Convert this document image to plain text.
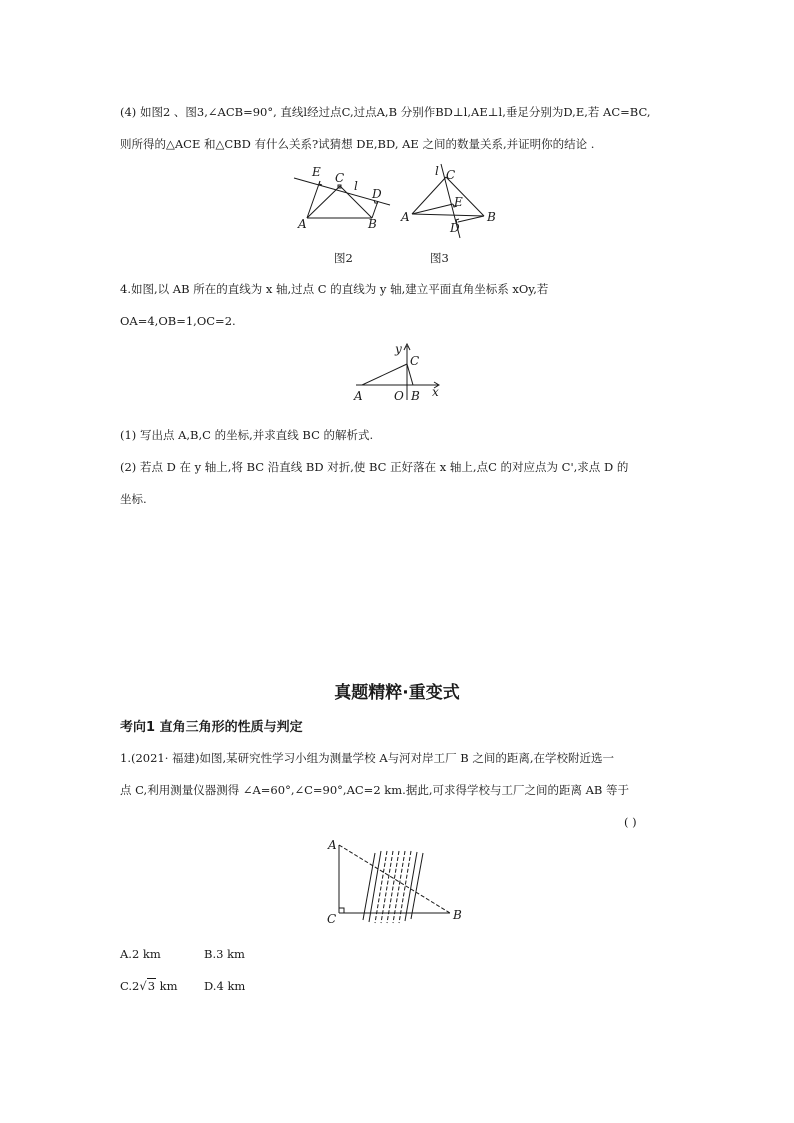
(4) 如图2 、图3,∠ACB=90°, 直线l经过点C,过点A,B 分别作BD⊥l,AE⊥l,垂足分别为D,E,若 AC=BC,
则所得的△ACE 和△CBD 有什么关系?试猜想 DE,BD, AE 之间的数量关系,并证明你的结论 .
E C
l
D
A	B
图2
l C
E
A	B
D
图3
4.如图,以 AB 所在的直线为 x 轴,过点 C 的直线为 y 轴,建立平面直角坐标系 xOy,若
OA=4,OB=1,OC=2.
y
C
A	O B x
(1) 写出点 A,B,C 的坐标,并求直线 BC 的解析式.
(2) 若点 D 在 y 轴上,将 BC 沿直线 BD 对折,使 BC 正好落在 x 轴上,点C 的对应点为 C',求点 D 的
坐标.
真题精粹·重变式
考向1 直角三角形的性质与判定
1.(2021· 福建)如图,某研究性学习小组为测量学校 A与河对岸工厂 B 之间的距离,在学校附近选一
点 C,利用测量仪器测得 ∠A=60°,∠C=90°,AC=2 km.据此,可求得学校与工厂之间的距离 AB 等于
( )
A
C	B
A.2 km	B.3 km
C.2√3 km D.4 km
